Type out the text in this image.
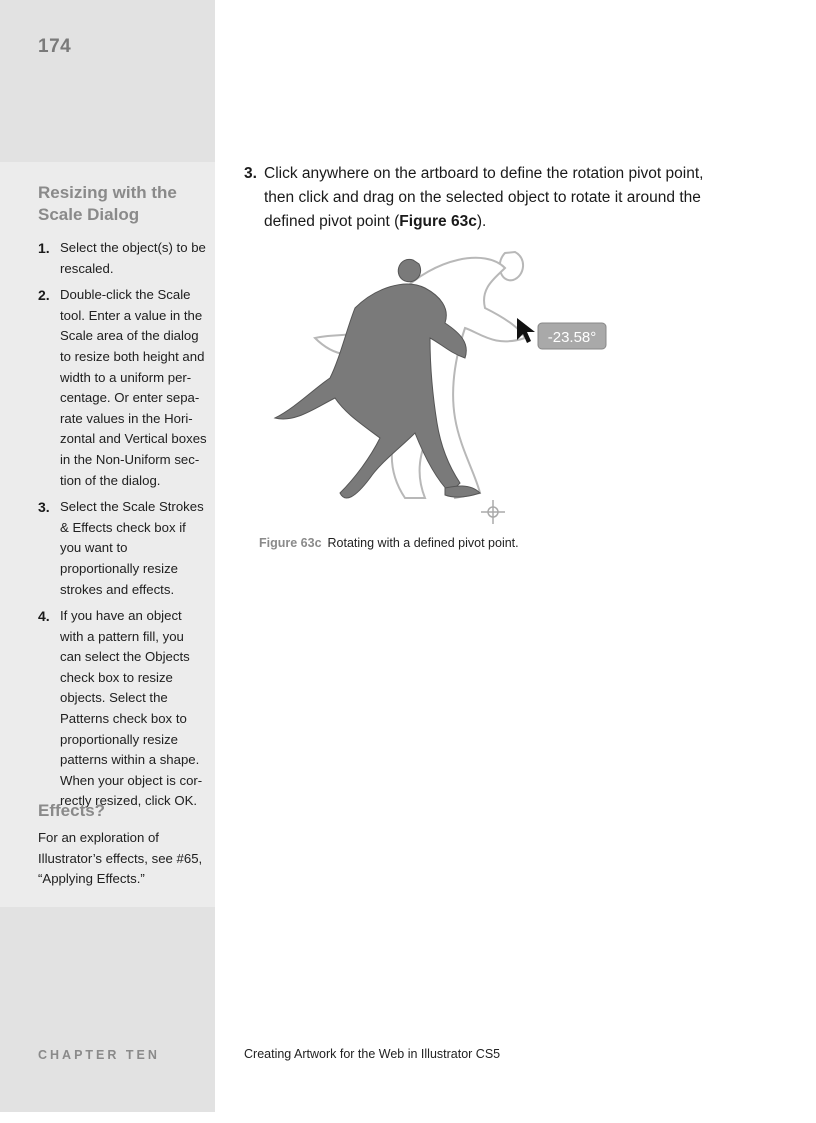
174
Resizing with the
Scale Dialog
1. Select the object(s) to be rescaled.
2. Double-click the Scale tool. Enter a value in the Scale area of the dialog to resize both height and width to a uniform per-centage. Or enter sepa-rate values in the Hori-zontal and Vertical boxes in the Non-Uniform sec-tion of the dialog.
3. Select the Scale Strokes & Effects check box if you want to proportionally resize strokes and effects.
4. If you have an object with a pattern fill, you can select the Objects check box to resize objects. Select the Patterns check box to proportionally resize patterns within a shape. When your object is cor-rectly resized, click OK.
Effects?
For an exploration of Illustrator’s effects, see #65, “Applying Effects.”
3. Click anywhere on the artboard to define the rotation pivot point, then click and drag on the selected object to rotate it around the defined pivot point (Figure 63c).
-23.58°
Figure 63c Rotating with a defined pivot point.
CHAPTER TEN	Creating Artwork for the Web in Illustrator CS5
